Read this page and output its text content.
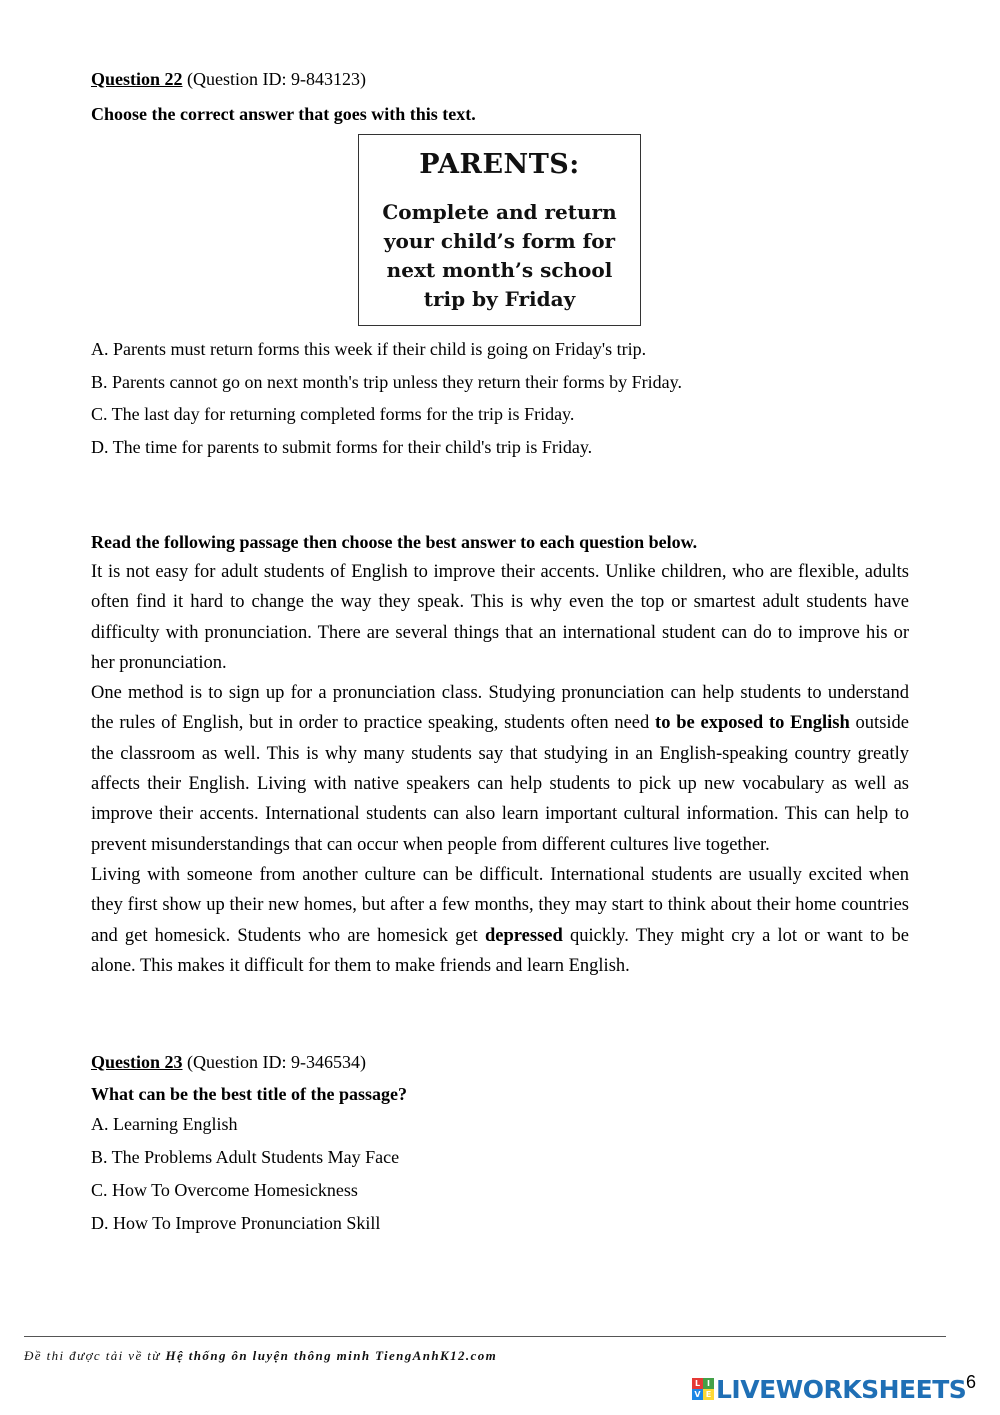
Question 22 (Question ID: 9-843123)
Choose the correct answer that goes with this text.
PARENTS:
Complete and return
your child’s form for
next month’s school
trip by Friday
A. Parents must return forms this week if their child is going on Friday's trip.
B. Parents cannot go on next month's trip unless they return their forms by Friday.
C. The last day for returning completed forms for the trip is Friday.
D. The time for parents to submit forms for their child's trip is Friday.
Read the following passage then choose the best answer to each question below.

It is not easy for adult students of English to improve their accents. Unlike children, who are flexible, adults often find it hard to change the way they speak. This is why even the top or smartest adult students have difficulty with pronunciation. There are several things that an international student can do to improve his or her pronunciation.

One method is to sign up for a pronunciation class. Studying pronunciation can help students to understand the rules of English, but in order to practice speaking, students often need to be exposed to English outside the classroom as well. This is why many students say that studying in an English-speaking country greatly affects their English. Living with native speakers can help students to pick up new vocabulary as well as improve their accents. International students can also learn important cultural information. This can help to prevent misunderstandings that can occur when people from different cultures live together.

Living with someone from another culture can be difficult. International students are usually excited when they first show up their new homes, but after a few months, they may start to think about their home countries and get homesick. Students who are homesick get depressed quickly. They might cry a lot or want to be alone. This makes it difficult for them to make friends and learn English.

Question 23 (Question ID: 9-346534)
What can be the best title of the passage?
A. Learning English
B. The Problems Adult Students May Face
C. How To Overcome Homesickness
D. How To Improve Pronunciation Skill
Đề thi được tải về từ Hệ thống ôn luyện thông minh TiengAnhK12.com
L I
V E LIVEWORKSHEETS 6
